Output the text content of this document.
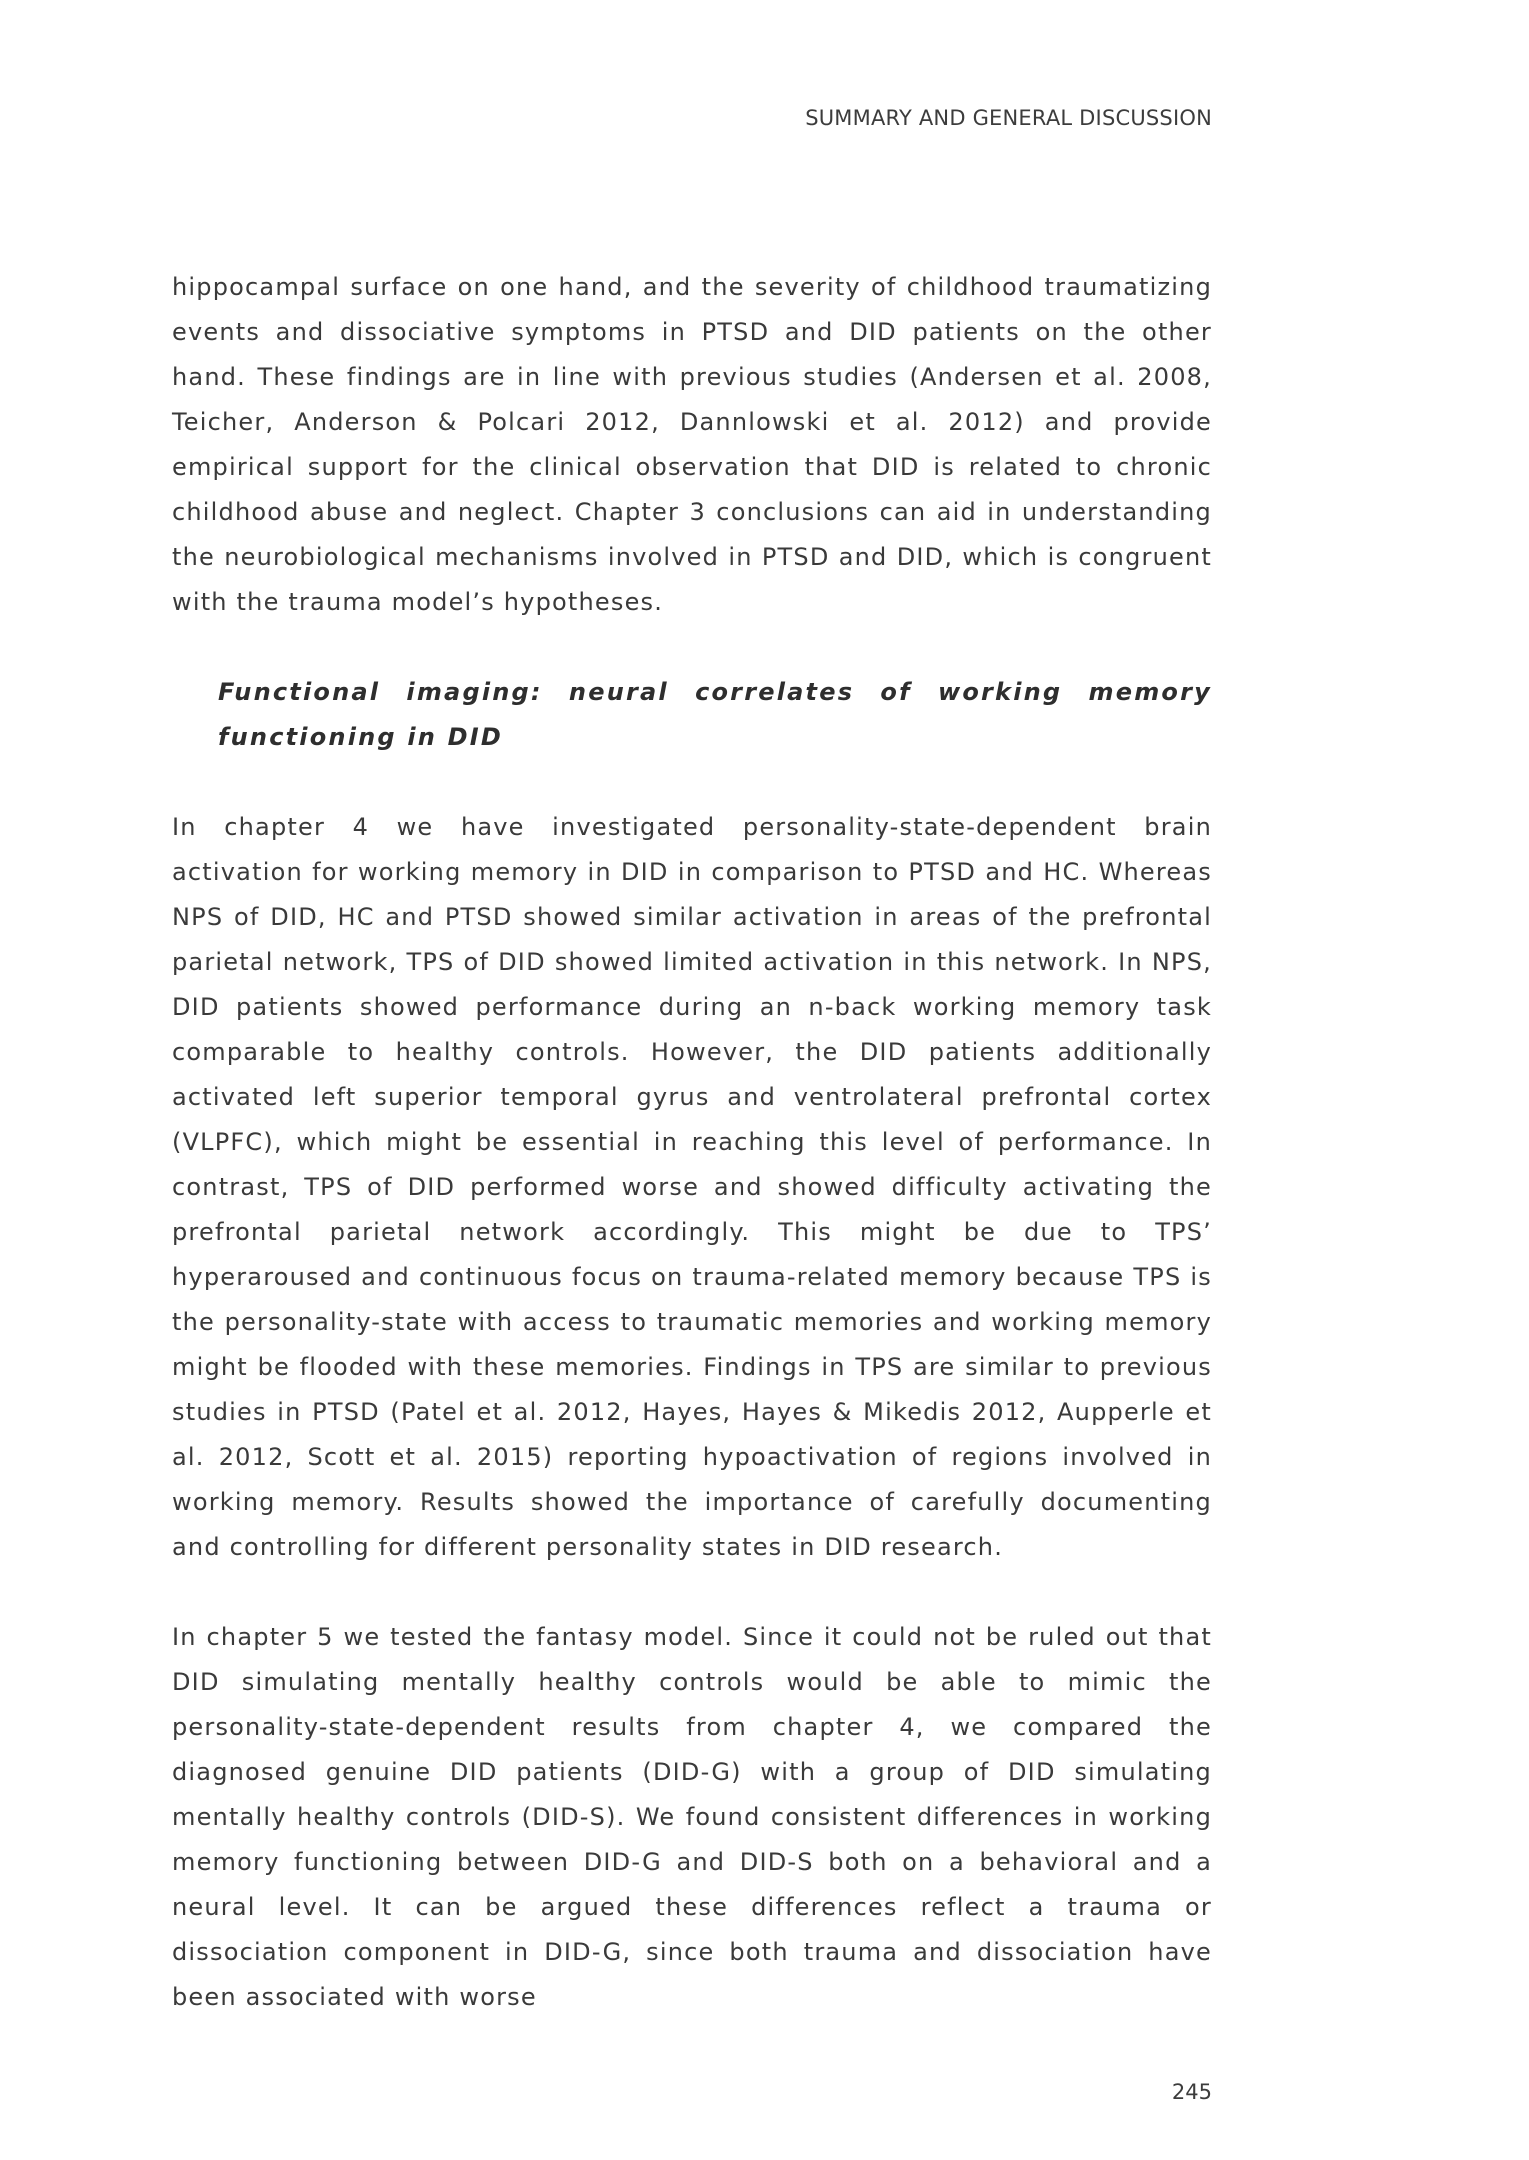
SUMMARY AND GENERAL DISCUSSION

hippocampal surface on one hand, and the severity of childhood traumatizing events and dissociative symptoms in PTSD and DID patients on the other hand. These findings are in line with previous studies (Andersen et al. 2008, Teicher, Anderson & Polcari 2012, Dannlowski et al. 2012) and provide empirical support for the clinical observation that DID is related to chronic childhood abuse and neglect. Chapter 3 conclusions can aid in understanding the neurobiological mechanisms involved in PTSD and DID, which is congruent with the trauma model’s hypotheses.

Functional imaging: neural correlates of working memory functioning in DID

In chapter 4 we have investigated personality-state-dependent brain activation for working memory in DID in comparison to PTSD and HC. Whereas NPS of DID, HC and PTSD showed similar activation in areas of the prefrontal parietal network, TPS of DID showed limited activation in this network. In NPS, DID patients showed performance during an n-back working memory task comparable to healthy controls. However, the DID patients additionally activated left superior temporal gyrus and ventrolateral prefrontal cortex (VLPFC), which might be essential in reaching this level of performance. In contrast, TPS of DID performed worse and showed difficulty activating the prefrontal parietal network accordingly. This might be due to TPS’ hyperaroused and continuous focus on trauma-related memory because TPS is the personality-state with access to traumatic memories and working memory might be flooded with these memories. Findings in TPS are similar to previous studies in PTSD (Patel et al. 2012, Hayes, Hayes & Mikedis 2012, Aupperle et al. 2012, Scott et al. 2015) reporting hypoactivation of regions involved in working memory. Results showed the importance of carefully documenting and controlling for different personality states in DID research.

In chapter 5 we tested the fantasy model. Since it could not be ruled out that DID simulating mentally healthy controls would be able to mimic the personality-state-dependent results from chapter 4, we compared the diagnosed genuine DID patients (DID-G) with a group of DID simulating mentally healthy controls (DID-S). We found consistent differences in working memory functioning between DID-G and DID-S both on a behavioral and a neural level. It can be argued these differences reflect a trauma or dissociation component in DID-G, since both trauma and dissociation have been associated with worse

245
